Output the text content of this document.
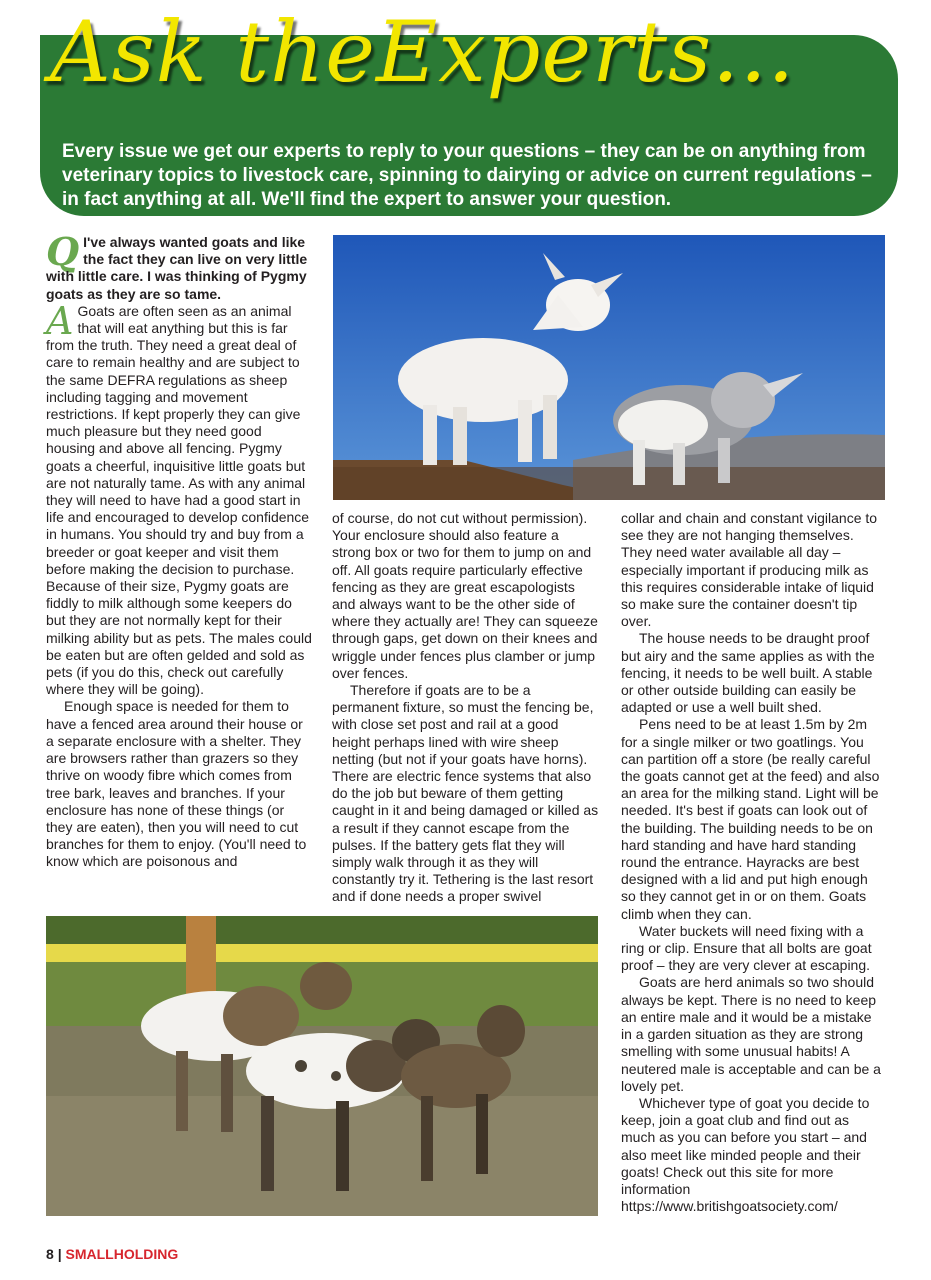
Ask theExperts...
Every issue we get our experts to reply to your questions – they can be on anything from veterinary topics to livestock care, spinning to dairying or advice on current regulations – in fact anything at all. We'll find the expert to answer your question.

Q I've always wanted goats and like the fact they can live on very little with little care. I was thinking of Pygmy goats as they are so tame.

A Goats are often seen as an animal that will eat anything but this is far from the truth. They need a great deal of care to remain healthy and are subject to the same DEFRA regulations as sheep including tagging and movement restrictions. If kept properly they can give much pleasure but they need good housing and above all fencing. Pygmy goats a cheerful, inquisitive little goats but are not naturally tame. As with any animal they will need to have had a good start in life and encouraged to develop confidence in humans. You should try and buy from a breeder or goat keeper and visit them before making the decision to purchase. Because of their size, Pygmy goats are fiddly to milk although some keepers do but they are not normally kept for their milking ability but as pets. The males could be eaten but are often gelded and sold as pets (if you do this, check out carefully where they will be going).

Enough space is needed for them to have a fenced area around their house or a separate enclosure with a shelter. They are browsers rather than grazers so they thrive on woody fibre which comes from tree bark, leaves and branches. If your enclosure has none of these things (or they are eaten), then you will need to cut branches for them to enjoy. (You'll need to know which are poisonous and

of course, do not cut without permission). Your enclosure should also feature a strong box or two for them to jump on and off. All goats require particularly effective fencing as they are great escapologists and always want to be the other side of where they actually are! They can squeeze through gaps, get down on their knees and wriggle under fences plus clamber or jump over fences.

Therefore if goats are to be a permanent fixture, so must the fencing be, with close set post and rail at a good height perhaps lined with wire sheep netting (but not if your goats have horns). There are electric fence systems that also do the job but beware of them getting caught in it and being damaged or killed as a result if they cannot escape from the pulses. If the battery gets flat they will simply walk through it as they will constantly try it. Tethering is the last resort and if done needs a proper swivel

collar and chain and constant vigilance to see they are not hanging themselves. They need water available all day – especially important if producing milk as this requires considerable intake of liquid so make sure the container doesn't tip over.

The house needs to be draught proof but airy and the same applies as with the fencing, it needs to be well built. A stable or other outside building can easily be adapted or use a well built shed.

Pens need to be at least 1.5m by 2m for a single milker or two goatlings. You can partition off a store (be really careful the goats cannot get at the feed) and also an area for the milking stand. Light will be needed. It's best if goats can look out of the building. The building needs to be on hard standing and have hard standing round the entrance. Hayracks are best designed with a lid and put high enough so they cannot get in or on them. Goats climb when they can.

Water buckets will need fixing with a ring or clip. Ensure that all bolts are goat proof – they are very clever at escaping.

Goats are herd animals so two should always be kept. There is no need to keep an entire male and it would be a mistake in a garden situation as they are strong smelling with some unusual habits! A neutered male is acceptable and can be a lovely pet.

Whichever type of goat you decide to keep, join a goat club and find out as much as you can before you start – and also meet like minded people and their goats! Check out this site for more information https://www.britishgoatsociety.com/

8 | SMALLHOLDING
